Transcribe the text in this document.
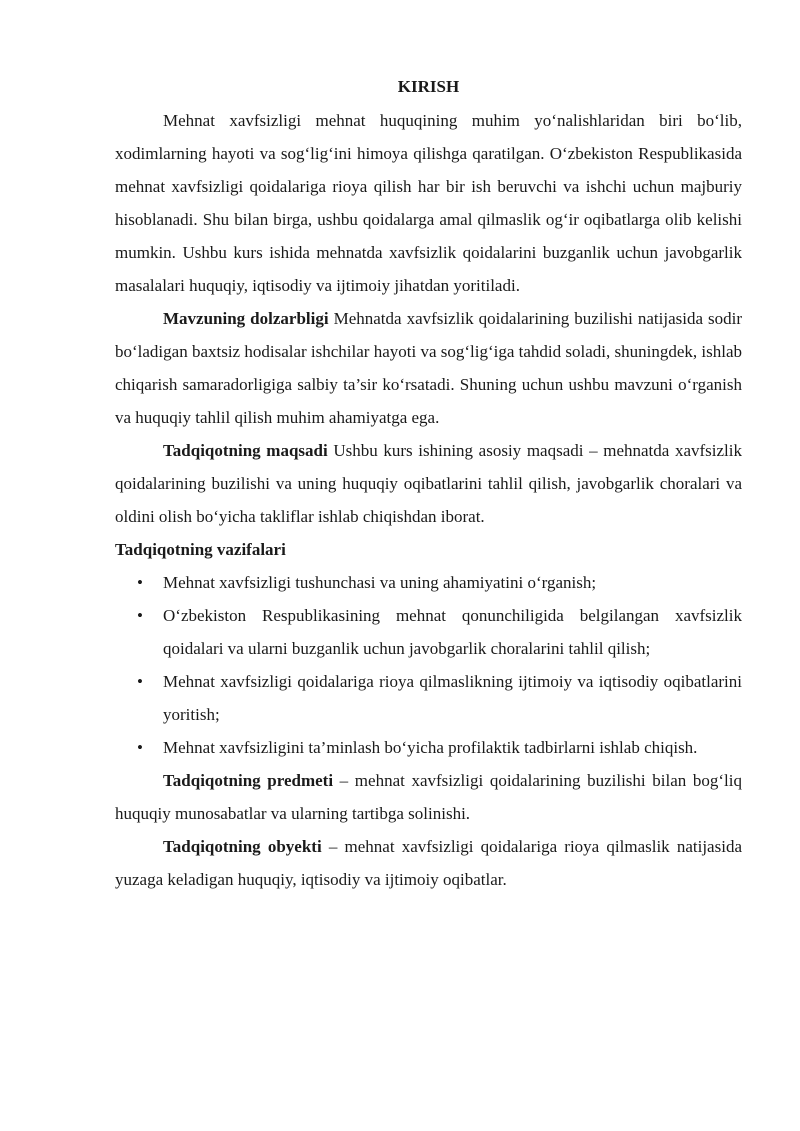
KIRISH

Mehnat xavfsizligi mehnat huquqining muhim yo‘nalishlaridan biri bo‘lib, xodimlarning hayoti va sog‘lig‘ini himoya qilishga qaratilgan. O‘zbekiston Respublikasida mehnat xavfsizligi qoidalariga rioya qilish har bir ish beruvchi va ishchi uchun majburiy hisoblanadi. Shu bilan birga, ushbu qoidalarga amal qilmaslik og‘ir oqibatlarga olib kelishi mumkin. Ushbu kurs ishida mehnatda xavfsizlik qoidalarini buzganlik uchun javobgarlik masalalari huquqiy, iqtisodiy va ijtimoiy jihatdan yoritiladi.

Mavzuning dolzarbligi Mehnatda xavfsizlik qoidalarining buzilishi natijasida sodir bo‘ladigan baxtsiz hodisalar ishchilar hayoti va sog‘lig‘iga tahdid soladi, shuningdek, ishlab chiqarish samaradorligiga salbiy ta’sir ko‘rsatadi. Shuning uchun ushbu mavzuni o‘rganish va huquqiy tahlil qilish muhim ahamiyatga ega.

Tadqiqotning maqsadi Ushbu kurs ishining asosiy maqsadi – mehnatda xavfsizlik qoidalarining buzilishi va uning huquqiy oqibatlarini tahlil qilish, javobgarlik choralari va oldini olish bo‘yicha takliflar ishlab chiqishdan iborat.

Tadqiqotning vazifalari
• Mehnat xavfsizligi tushunchasi va uning ahamiyatini o‘rganish;
• O‘zbekiston Respublikasining mehnat qonunchiligida belgilangan xavfsizlik qoidalari va ularni buzganlik uchun javobgarlik choralarini tahlil qilish;
• Mehnat xavfsizligi qoidalariga rioya qilmaslikning ijtimoiy va iqtisodiy oqibatlarini yoritish;
• Mehnat xavfsizligini ta’minlash bo‘yicha profilaktik tadbirlarni ishlab chiqish.

Tadqiqotning predmeti – mehnat xavfsizligi qoidalarining buzilishi bilan bog‘liq huquqiy munosabatlar va ularning tartibga solinishi.

Tadqiqotning obyekti – mehnat xavfsizligi qoidalariga rioya qilmaslik natijasida yuzaga keladigan huquqiy, iqtisodiy va ijtimoiy oqibatlar.
